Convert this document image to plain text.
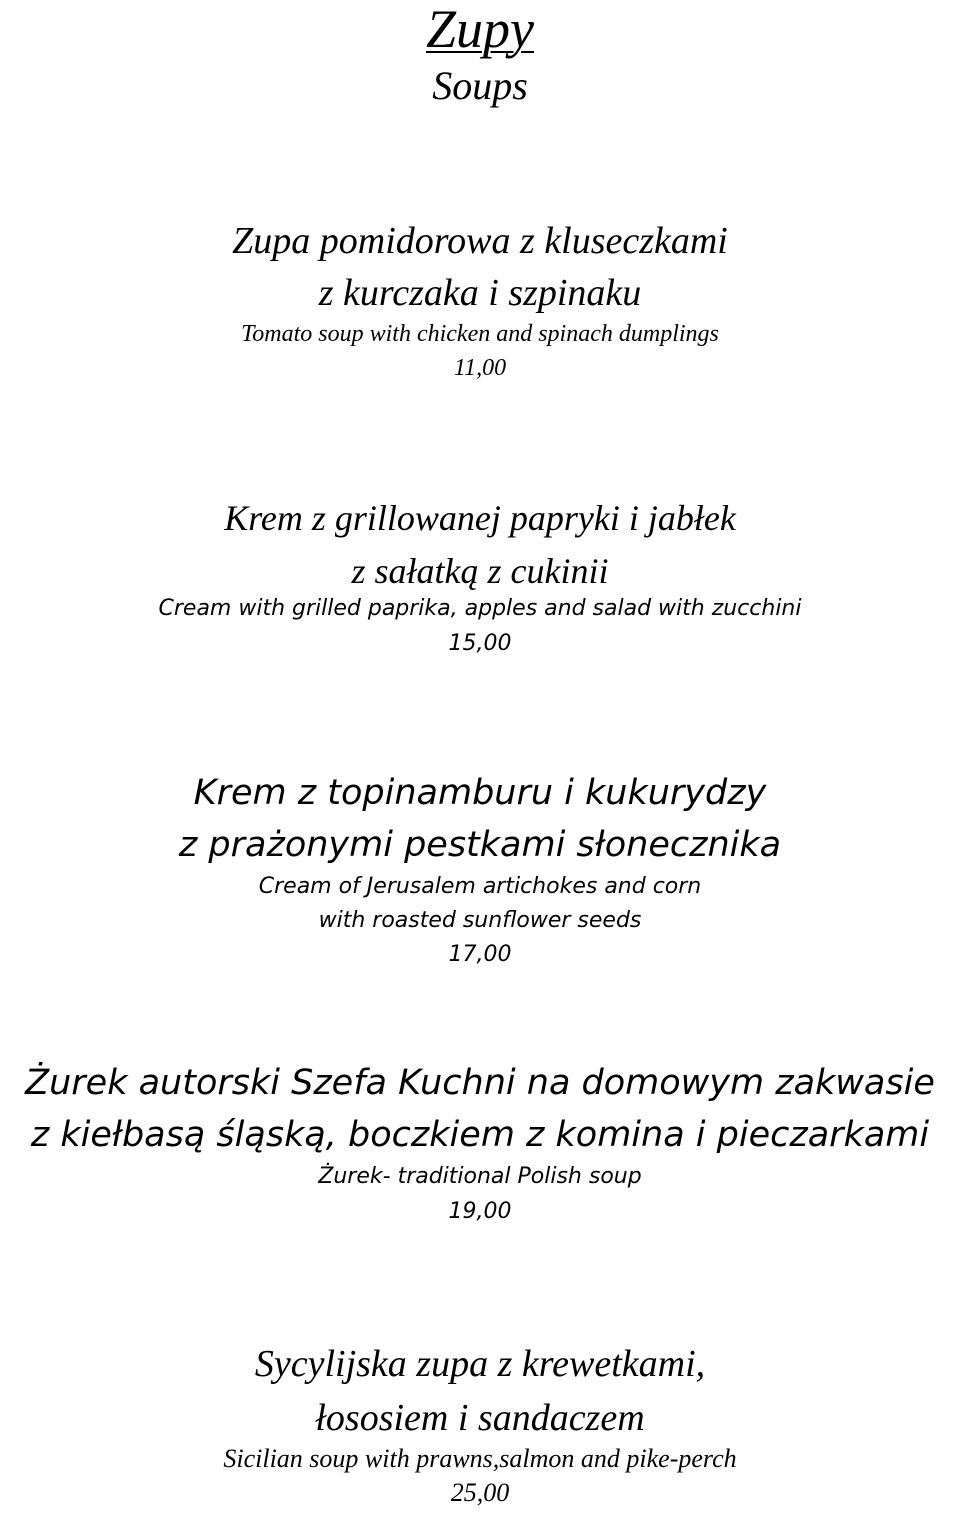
Zupy
Soups
Zupa pomidorowa z kluseczkami
z kurczaka i szpinaku
Tomato soup with chicken and spinach dumplings
11,00
Krem z grillowanej papryki i jabłek
z sałatką z cukinii
Cream with grilled paprika, apples and salad with zucchini
15,00
Krem z topinamburu i kukurydzy
z prażonymi pestkami słonecznika
Cream of Jerusalem artichokes and corn
with roasted sunflower seeds
17,00
Żurek autorski Szefa Kuchni na domowym zakwasie
z kiełbasą śląską, boczkiem z komina i pieczarkami
Żurek- traditional Polish soup
19,00
Sycylijska zupa z krewetkami,
łososiem i sandaczem
Sicilian soup with prawns,salmon and pike-perch
25,00
